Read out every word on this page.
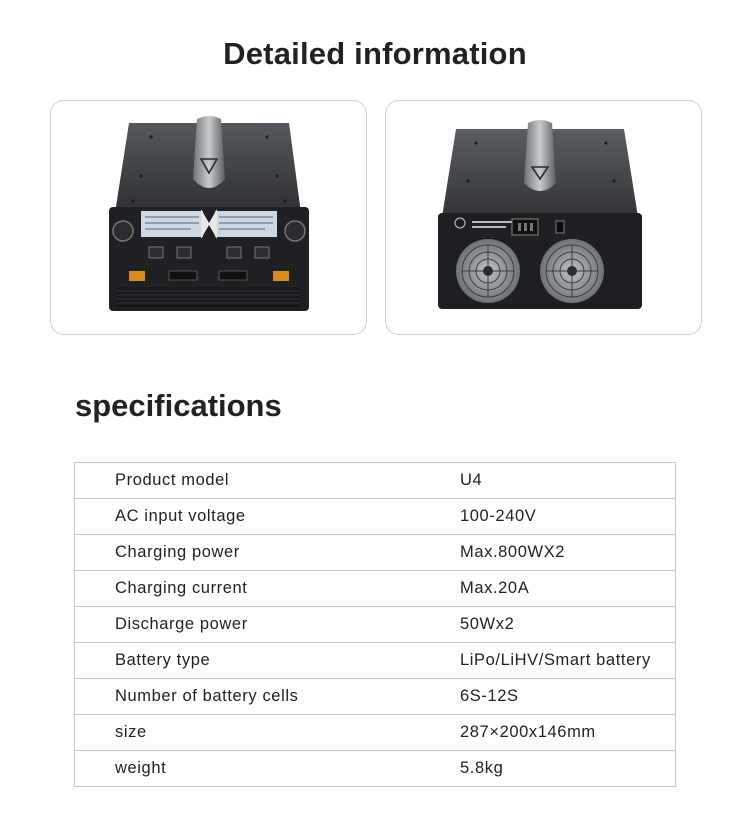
Detailed information
specifications
Product model	U4
AC input voltage	100-240V
Charging power	Max.800WX2
Charging current	Max.20A
Discharge power	50Wx2
Battery type	LiPo/LiHV/Smart battery
Number of battery cells	6S-12S
size	287×200x146mm
weight	5.8kg
